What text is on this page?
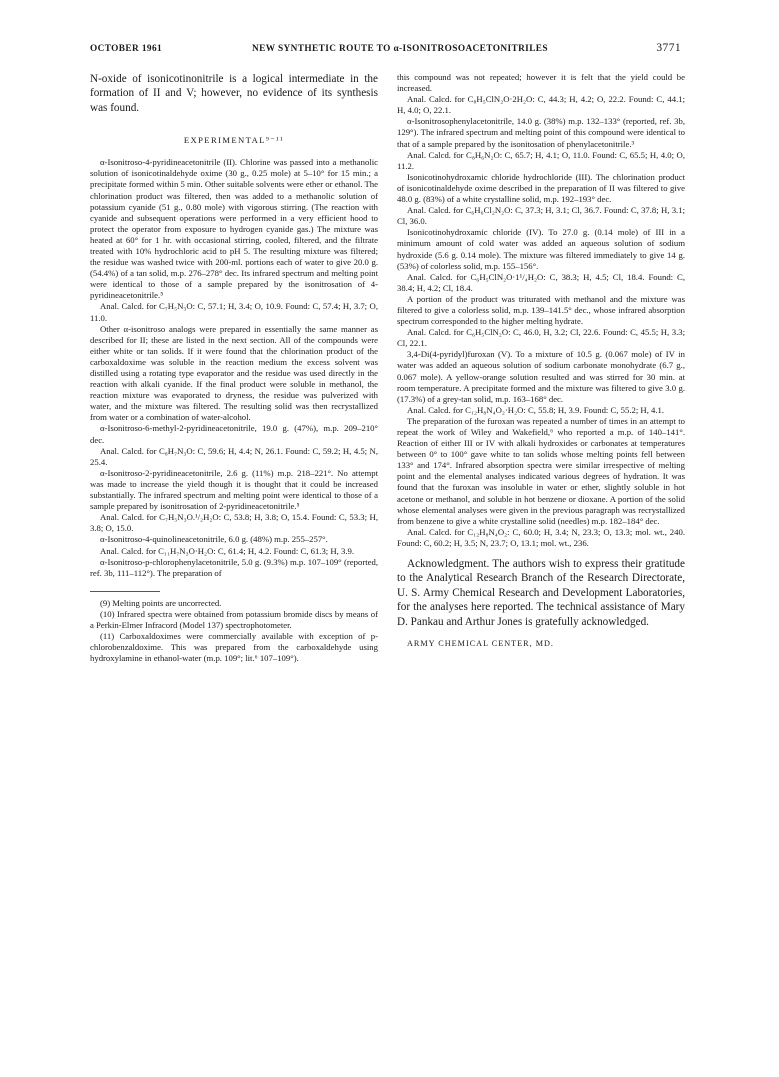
OCTOBER 1961	NEW SYNTHETIC ROUTE TO α-ISONITROSOACETONITRILES	3771

N-oxide of isonicotinonitrile is a logical intermediate in the formation of II and V; however, no evidence of its synthesis was found.

EXPERIMENTAL⁹⁻¹¹

α-Isonitroso-4-pyridineacetonitrile (II). Chlorine was passed into a methanolic solution of isonicotinaldehyde oxime (30 g., 0.25 mole) at 5–10° for 15 min.; a precipitate formed within 5 min. Other suitable solvents were ether or ethanol. The chlorination product was filtered, then was added to a methanolic solution of potassium cyanide (51 g., 0.80 mole) with vigorous stirring. (The reaction with cyanide and subsequent operations were performed in a very efficient hood to protect the operator from exposure to hydrogen cyanide gas.) The mixture was heated at 60° for 1 hr. with occasional stirring, cooled, filtered, and the filtrate treated with 10% hydrochloric acid to pH 5. The resulting mixture was filtered; the residue was washed twice with 200-ml. portions each of water to give 20.0 g. (54.4%) of a tan solid, m.p. 276–278° dec. Its infrared spectrum and melting point were identical to those of a sample prepared by the isonitrosation of 4-pyridineacetonitrile.⁵

Anal. Calcd. for C₇H₅N₃O: C, 57.1; H, 3.4; O, 10.9. Found: C, 57.4; H, 3.7; O, 11.0.

Other α-isonitroso analogs were prepared in essentially the same manner as described for II; these are listed in the next section. All of the compounds were either white or tan solids. If it were found that the chlorination product of the carboxaldoxime was soluble in the reaction medium the excess solvent was distilled using a rotating type evaporator and the residue was used directly in the reaction with alkali cyanide. If the final product were soluble in methanol, the reaction mixture was evaporated to dryness, the residue was pulverized with water, and the mixture was filtered. The resulting solid was then recrystallized from water or a combination of water-alcohol.

α-Isonitroso-6-methyl-2-pyridineacetonitrile, 19.0 g. (47%), m.p. 209–210° dec.

Anal. Calcd. for C₈H₇N₃O: C, 59.6; H, 4.4; N, 26.1. Found: C, 59.2; H, 4.5; N, 25.4.

α-Isonitroso-2-pyridineacetonitrile, 2.6 g. (11%) m.p. 218–221°. No attempt was made to increase the yield though it is thought that it could be increased substantially. The infrared spectrum and melting point were identical to those of a sample prepared by isonitrosation of 2-pyridineacetonitrile.⁵

Anal. Calcd. for C₇H₅N₃O.¹/₂H₂O: C, 53.8; H, 3.8; O, 15.4. Found: C, 53.3; H, 3.8; O, 15.0.

α-Isonitroso-4-quinolineacetonitrile, 6.0 g. (48%) m.p. 255–257°.

Anal. Calcd. for C₁₁H₇N₃O·H₂O: C, 61.4; H, 4.2. Found: C, 61.3; H, 3.9.

α-Isonitroso-p-chlorophenylacetonitrile, 5.0 g. (9.3%) m.p. 107–109° (reported, ref. 3b, 111–112°). The preparation of

(9) Melting points are uncorrected.

(10) Infrared spectra were obtained from potassium bromide discs by means of a Perkin-Elmer Infracord (Model 137) spectrophotometer.

(11) Carboxaldoximes were commercially available with exception of p-chlorobenzaldoxime. This was prepared from the carboxaldehyde using hydroxylamine in ethanol-water (m.p. 109°; lit.⁶ 107–109°).

this compound was not repeated; however it is felt that the yield could be increased.

Anal. Calcd. for C₈H₅ClN₂O·2H₂O: C, 44.3; H, 4.2; O, 22.2. Found: C, 44.1; H, 4.0; O, 22.1.

α-Isonitrosophenylacetonitrile, 14.0 g. (38%) m.p. 132–133° (reported, ref. 3b, 129°). The infrared spectrum and melting point of this compound were identical to that of a sample prepared by the isonitosation of phenylacetonitrile.³

Anal. Calcd. for C₈H₆N₂O: C, 65.7; H, 4.1; O, 11.0. Found: C, 65.5; H, 4.0; O, 11.2.

Isonicotinohydroxamic chloride hydrochloride (III). The chlorination product of isonicotinaldehyde oxime described in the preparation of II was filtered to give 48.0 g. (83%) of a white crystalline solid, m.p. 192–193° dec.

Anal. Calcd. for C₆H₆Cl₂N₂O: C, 37.3; H, 3.1; Cl, 36.7. Found: C, 37.8; H, 3.1; Cl, 36.0.

Isonicotinohydroxamic chloride (IV). To 27.0 g. (0.14 mole) of III in a minimum amount of cold water was added an aqueous solution of sodium hydroxide (5.6 g. 0.14 mole). The mixture was filtered immediately to give 14 g. (53%) of colorless solid, m.p. 155–156°.

Anal. Calcd. for C₆H₅ClN₂O·1¹/₄H₂O: C, 38.3; H, 4.5; Cl, 18.4. Found: C, 38.4; H, 4.2; Cl, 18.4.

A portion of the product was triturated with methanol and the mixture was filtered to give a colorless solid, m.p. 139–141.5° dec., whose infrared absorption spectrum corresponded to the higher melting hydrate.

Anal. Calcd. for C₆H₅ClN₂O: C, 46.0, H, 3.2; Cl, 22.6. Found: C, 45.5; H, 3.3; Cl, 22.1.

3,4-Di(4-pyridyl)furoxan (V). To a mixture of 10.5 g. (0.067 mole) of IV in water was added an aqueous solution of sodium carbonate monohydrate (6.7 g., 0.067 mole). A yellow-orange solution resulted and was stirred for 30 min. at room temperature. A precipitate formed and the mixture was filtered to give 3.0 g. (17.3%) of a grey-tan solid, m.p. 163–168° dec.

Anal. Calcd. for C₁₂H₈N₄O₂·H₂O: C, 55.8; H, 3.9. Found: C, 55.2; H, 4.1.

The preparation of the furoxan was repeated a number of times in an attempt to repeat the work of Wiley and Wakefield,⁶ who reported a m.p. of 140–141°. Reaction of either III or IV with alkali hydroxides or carbonates at temperatures between 0° to 100° gave white to tan solids whose melting points fell between 133° and 174°. Infrared absorption spectra were similar irrespective of melting point and the elemental analyses indicated various degrees of hydration. It was found that the furoxan was insoluble in water or ether, slightly soluble in hot acetone or methanol, and soluble in hot benzene or dioxane. A portion of the solid whose elemental analyses were given in the previous paragraph was recrystallized from benzene to give a white crystalline solid (needles) m.p. 182–184° dec.

Anal. Calcd. for C₁₂H₈N₄O₂: C, 60.0; H, 3.4; N, 23.3; O, 13.3; mol. wt., 240. Found: C, 60.2; H, 3.5; N, 23.7; O, 13.1; mol. wt., 236.

Acknowledgment. The authors wish to express their gratitude to the Analytical Research Branch of the Research Directorate, U. S. Army Chemical Research and Development Laboratories, for the analyses here reported. The technical assistance of Mary D. Pankau and Arthur Jones is gratefully acknowledged.

ARMY CHEMICAL CENTER, MD.
